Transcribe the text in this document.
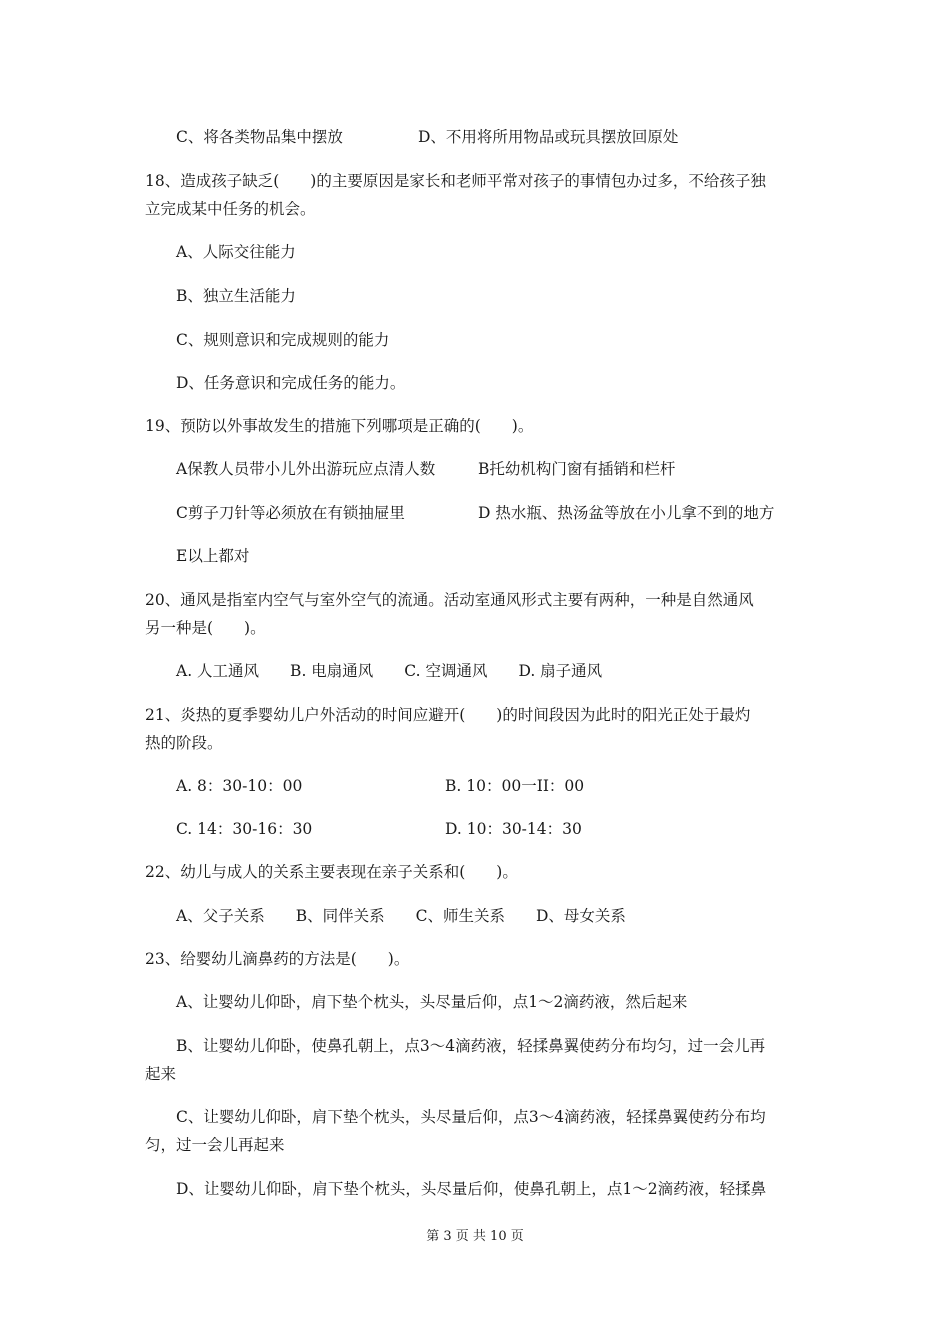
C、将各类物品集中摆放	D、不用将所用物品或玩具摆放回原处
18、造成孩子缺乏(　　)的主要原因是家长和老师平常对孩子的事情包办过多，不给孩子独
立完成某中任务的机会。
A、人际交往能力
B、独立生活能力
C、规则意识和完成规则的能力
D、任务意识和完成任务的能力。
19、预防以外事故发生的措施下列哪项是正确的(　　)。
A保教人员带小儿外出游玩应点清人数	B托幼机构门窗有插销和栏杆
C剪子刀针等必须放在有锁抽屉里	D 热水瓶、热汤盆等放在小儿拿不到的地方
E以上都对
20、通风是指室内空气与室外空气的流通。活动室通风形式主要有两种，一种是自然通风
另一种是(　　)。
A. 人工通风　　B. 电扇通风　　C. 空调通风　　D. 扇子通风
21、炎热的夏季婴幼儿户外活动的时间应避开(　　)的时间段因为此时的阳光正处于最灼
热的阶段。
A. 8：30-10：00	B. 10：00一II：00
C. 14：30-16：30	D. 10：30-14：30
22、幼儿与成人的关系主要表现在亲子关系和(　　)。
A、父子关系　　B、同伴关系　　C、师生关系　　D、母女关系
23、给婴幼儿滴鼻药的方法是(　　)。
A、让婴幼儿仰卧，肩下垫个枕头，头尽量后仰，点1～2滴药液，然后起来
B、让婴幼儿仰卧，使鼻孔朝上，点3～4滴药液，轻揉鼻翼使药分布均匀，过一会儿再
起来
C、让婴幼儿仰卧，肩下垫个枕头，头尽量后仰，点3～4滴药液，轻揉鼻翼使药分布均
匀，过一会儿再起来
D、让婴幼儿仰卧，肩下垫个枕头，头尽量后仰，使鼻孔朝上，点1～2滴药液，轻揉鼻
第 3 页 共 10 页
